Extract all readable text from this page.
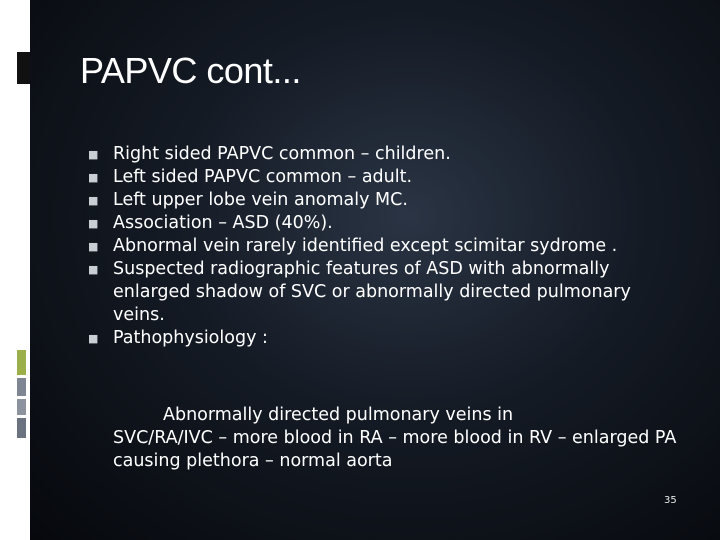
PAPVC cont...
■ Right sided PAPVC common – children.
■ Left sided PAPVC common – adult.
■ Left upper lobe vein anomaly MC.
■ Association – ASD (40%).
■ Abnormal vein rarely identified except scimitar sydrome .
■ Suspected radiographic features of ASD with abnormally enlarged shadow of SVC or abnormally directed pulmonary veins.
■ Pathophysiology :
Abnormally directed pulmonary veins in
SVC/RA/IVC – more blood in RA – more blood in RV – enlarged PA causing plethora – normal aorta
35
